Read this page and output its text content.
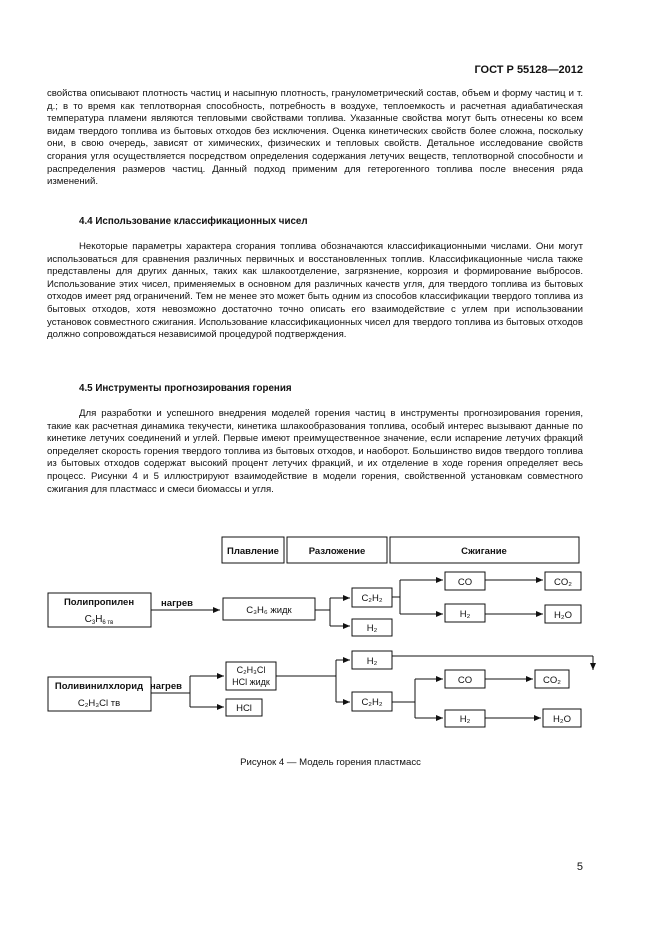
ГОСТ Р 55128—2012

свойства описывают плотность частиц и насыпную плотность, гранулометрический состав, объем и форму частиц и т. д.; в то время как теплотворная способность, потребность в воздухе, теплоемкость и расчетная адиабатическая температура пламени являются тепловыми свойствами топлива. Указанные свойства могут быть отнесены ко всем видам твердого топлива из бытовых отходов без исключения. Оценка кинетических свойств более сложна, поскольку они, в свою очередь, зависят от химических, физических и тепловых свойств. Детальное исследование свойств сгорания угля осуществляется посредством определения содержания летучих веществ, теплотворной способности и распределения размеров частиц. Данный подход применим для гетерогенного топлива после внесения ряда изменений.

4.4 Использование классификационных чисел

Некоторые параметры характера сгорания топлива обозначаются классификационными числами. Они могут использоваться для сравнения различных первичных и восстановленных топлив. Классификационные числа также представлены для других данных, таких как шлакоотделение, загрязнение, коррозия и формирование выбросов. Использование этих чисел, применяемых в основном для различных качеств угля, для твердого топлива из бытовых отходов имеет ряд ограничений. Тем не менее это может быть одним из способов классификации твердого топлива из бытовых отходов, хотя невозможно достаточно точно описать его взаимодействие с углем при использовании установок совместного сжигания. Использование классификационных чисел для твердого топлива из бытовых отходов должно сопровождаться независимой процедурой подтверждения.

4.5 Инструменты прогнозирования горения

Для разработки и успешного внедрения моделей горения частиц в инструменты прогнозирования горения, такие как расчетная динамика текучести, кинетика шлакообразования топлива, особый интерес вызывают данные по кинетике летучих соединений и углей. Первые имеют преимущественное значение, если испарение летучих фракций определяет скорость горения твердого топлива из бытовых отходов, и наоборот. Большинство видов твердого топлива из бытовых отходов содержат высокий процент летучих фракций, и их отделение в ходе горения определяет весь процесс. Рисунки 4 и 5 иллюстрируют взаимодействие в модели горения, свойственной установкам совместного сжигания для пластмасс и смеси биомассы и угля.

Плавление	Разложение	Сжигание
Полипропилен
$C_3H_6$ тв
нагрев
C₃H₆ жидк
C₂H₂
H₂
CO
H₂
CO₂
H₂O
Поливинилхлорид
C₂H₃Cl тв
нагрев
C₂H₃Cl
HCl жидк
HCl
H₂
C₂H₂
CO
H₂
CO₂
H₂O
Рисунок 4 — Модель горения пластмасс
5
